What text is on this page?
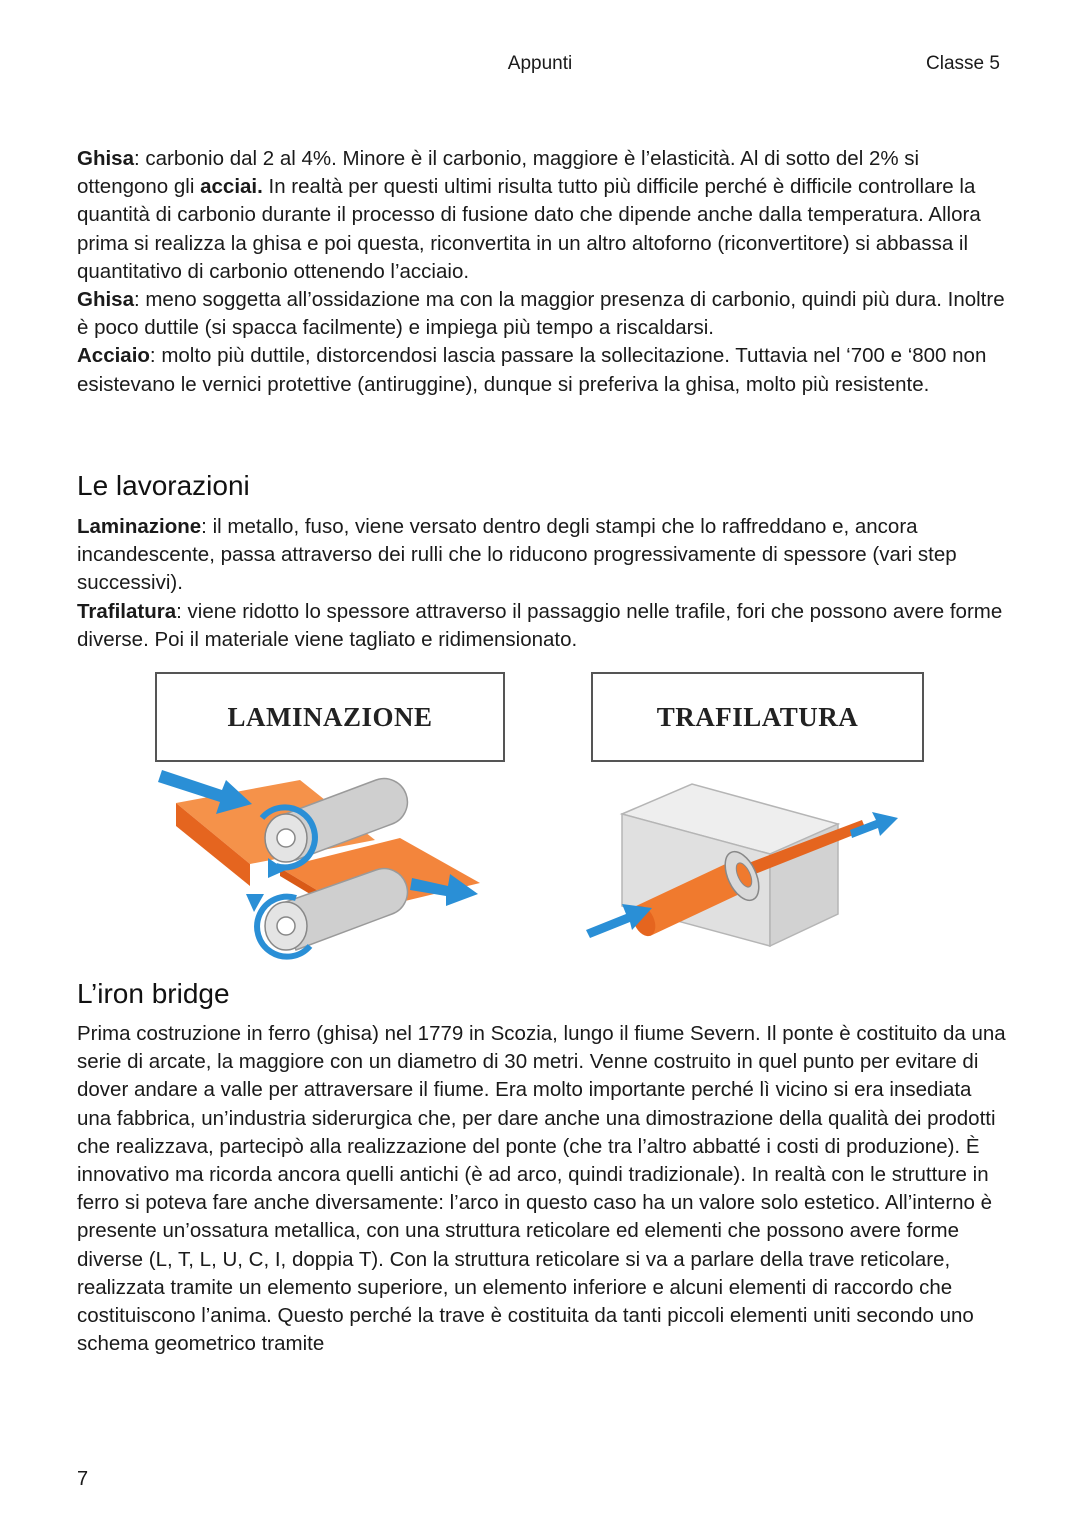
Appunti	Classe 5

Ghisa: carbonio dal 2 al 4%. Minore è il carbonio, maggiore è l’elasticità. Al di sotto del 2% si ottengono gli acciai. In realtà per questi ultimi risulta tutto più difficile perché è difficile controllare la quantità di carbonio durante il processo di fusione dato che dipende anche dalla temperatura. Allora prima si realizza la ghisa e poi questa, riconvertita in un altro altoforno (riconvertitore) si abbassa il quantitativo di carbonio ottenendo l’acciaio.

Ghisa: meno soggetta all’ossidazione ma con la maggior presenza di carbonio, quindi più dura. Inoltre è poco duttile (si spacca facilmente) e impiega più tempo a riscaldarsi.

Acciaio: molto più duttile, distorcendosi lascia passare la sollecitazione. Tuttavia nel ‘700 e ‘800 non esistevano le vernici protettive (antiruggine), dunque si preferiva la ghisa, molto più resistente.

Le lavorazioni

Laminazione: il metallo, fuso, viene versato dentro degli stampi che lo raffreddano e, ancora incandescente, passa attraverso dei rulli che lo riducono progressivamente di spessore (vari step successivi).

Trafilatura: viene ridotto lo spessore attraverso il passaggio nelle trafile, fori che possono avere forme diverse. Poi il materiale viene tagliato e ridimensionato.

LAMINAZIONE	TRAFILATURA
L’iron bridge

Prima costruzione in ferro (ghisa) nel 1779 in Scozia, lungo il fiume Severn. Il ponte è costituito da una serie di arcate, la maggiore con un diametro di 30 metri. Venne costruito in quel punto per evitare di dover andare a valle per attraversare il fiume. Era molto importante perché lì vicino si era insediata una fabbrica, un’industria siderurgica che, per dare anche una dimostrazione della qualità dei prodotti che realizzava, partecipò alla realizzazione del ponte (che tra l’altro abbatté i costi di produzione). È innovativo ma ricorda ancora quelli antichi (è ad arco, quindi tradizionale). In realtà con le strutture in ferro si poteva fare anche diversamente: l’arco in questo caso ha un valore solo estetico. All’interno è presente un’ossatura metallica, con una struttura reticolare ed elementi che possono avere forme diverse (L, T, L, U, C, I, doppia T). Con la struttura reticolare si va a parlare della trave reticolare, realizzata tramite un elemento superiore, un elemento inferiore e alcuni elementi di raccordo che costituiscono l’anima. Questo perché la trave è costituita da tanti piccoli elementi uniti secondo uno schema geometrico tramite

7
